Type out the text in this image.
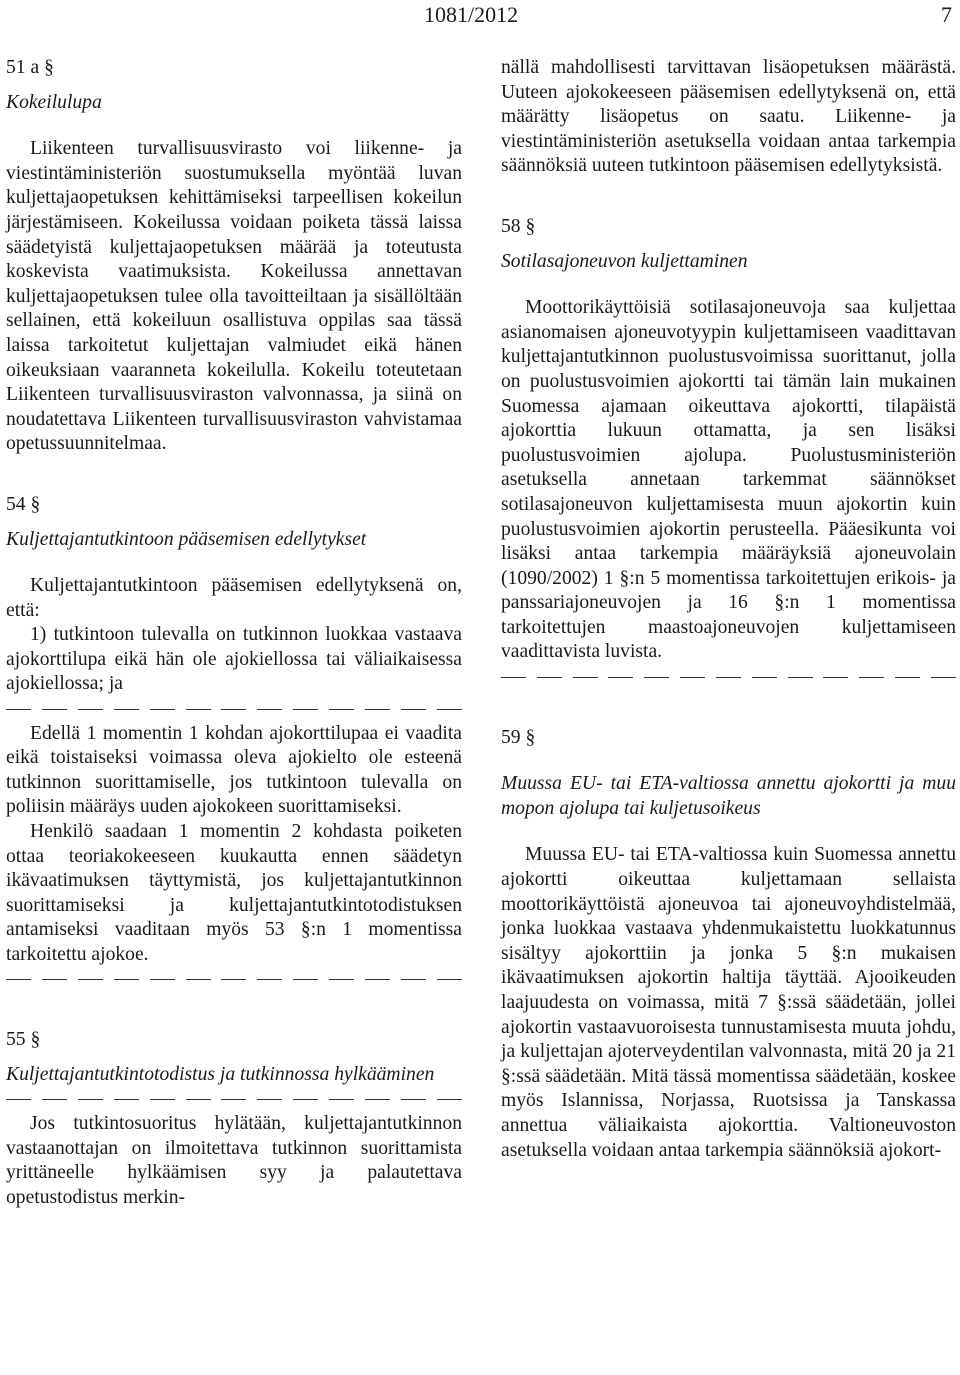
1081/2012	7

51 a §

Kokeilulupa

Liikenteen turvallisuusvirasto voi liikenne- ja viestintäministeriön suostumuksella myöntää luvan kuljettajaopetuksen kehittämiseksi tarpeellisen kokeilun järjestämiseen. Kokeilussa voidaan poiketa tässä laissa säädetyistä kuljettajaopetuksen määrää ja toteutusta koskevista vaatimuksista. Kokeilussa annettavan kuljettajaopetuksen tulee olla tavoitteiltaan ja sisällöltään sellainen, että kokeiluun osallistuva oppilas saa tässä laissa tarkoitetut kuljettajan valmiudet eikä hänen oikeuksiaan vaaranneta kokeilulla. Kokeilu toteutetaan Liikenteen turvallisuusviraston valvonnassa, ja siinä on noudatettava Liikenteen turvallisuusviraston vahvistamaa opetussuunnitelmaa.

54 §

Kuljettajantutkintoon pääsemisen edellytykset

Kuljettajantutkintoon pääsemisen edellytyksenä on, että:

1) tutkintoon tulevalla on tutkinnon luokkaa vastaava ajokorttilupa eikä hän ole ajokiellossa tai väliaikaisessa ajokiellossa; ja

Edellä 1 momentin 1 kohdan ajokorttilupaa ei vaadita eikä toistaiseksi voimassa oleva ajokielto ole esteenä tutkinnon suorittamiselle, jos tutkintoon tulevalla on poliisin määräys uuden ajokokeen suorittamiseksi.

Henkilö saadaan 1 momentin 2 kohdasta poiketen ottaa teoriakokeeseen kuukautta ennen säädetyn ikävaatimuksen täyttymistä, jos kuljettajantutkinnon suorittamiseksi ja kuljettajantutkintotodistuksen antamiseksi vaaditaan myös 53 §:n 1 momentissa tarkoitettu ajokoe.

55 §

Kuljettajantutkintotodistus ja tutkinnossa hylkääminen

Jos tutkintosuoritus hylätään, kuljettajantutkinnon vastaanottajan on ilmoitettava tutkinnon suorittamista yrittäneelle hylkäämisen syy ja palautettava opetustodistus merkin-

nällä mahdollisesti tarvittavan lisäopetuksen määrästä. Uuteen ajokokeeseen pääsemisen edellytyksenä on, että määrätty lisäopetus on saatu. Liikenne- ja viestintäministeriön asetuksella voidaan antaa tarkempia säännöksiä uuteen tutkintoon pääsemisen edellytyksistä.

58 §

Sotilasajoneuvon kuljettaminen

Moottorikäyttöisiä sotilasajoneuvoja saa kuljettaa asianomaisen ajoneuvotyypin kuljettamiseen vaadittavan kuljettajantutkinnon puolustusvoimissa suorittanut, jolla on puolustusvoimien ajokortti tai tämän lain mukainen Suomessa ajamaan oikeuttava ajokortti, tilapäistä ajokorttia lukuun ottamatta, ja sen lisäksi puolustusvoimien ajolupa. Puolustusministeriön asetuksella annetaan tarkemmat säännökset sotilasajoneuvon kuljettamisesta muun ajokortin kuin puolustusvoimien ajokortin perusteella. Pääesikunta voi lisäksi antaa tarkempia määräyksiä ajoneuvolain (1090/2002) 1 §:n 5 momentissa tarkoitettujen erikois- ja panssariajoneuvojen ja 16 §:n 1 momentissa tarkoitettujen maastoajoneuvojen kuljettamiseen vaadittavista luvista.

59 §

Muussa EU- tai ETA-valtiossa annettu ajokortti ja muu mopon ajolupa tai kuljetusoikeus

Muussa EU- tai ETA-valtiossa kuin Suomessa annettu ajokortti oikeuttaa kuljettamaan sellaista moottorikäyttöistä ajoneuvoa tai ajoneuvoyhdistelmää, jonka luokkaa vastaava yhdenmukaistettu luokkatunnus sisältyy ajokorttiin ja jonka 5 §:n mukaisen ikävaatimuksen ajokortin haltija täyttää. Ajooikeuden laajuudesta on voimassa, mitä 7 §:ssä säädetään, jollei ajokortin vastaavuoroisesta tunnustamisesta muuta johdu, ja kuljettajan ajoterveydentilan valvonnasta, mitä 20 ja 21 §:ssä säädetään. Mitä tässä momentissa säädetään, koskee myös Islannissa, Norjassa, Ruotsissa ja Tanskassa annettua väliaikaista ajokorttia. Valtioneuvoston asetuksella voidaan antaa tarkempia säännöksiä ajokort-
